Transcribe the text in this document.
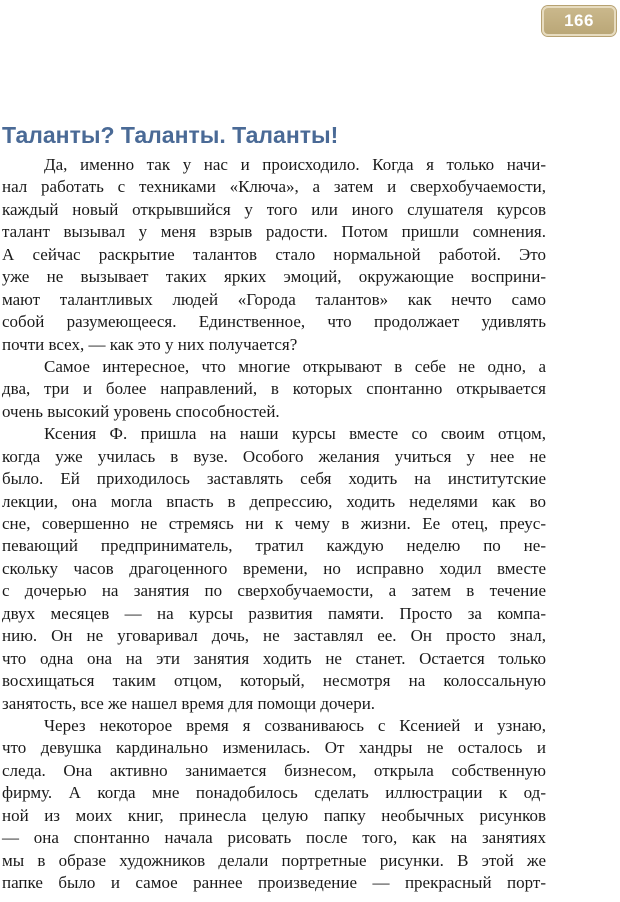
166
Таланты? Таланты. Таланты!

Да, именно так у нас и происходило. Когда я только начи-
нал работать с техниками «Ключа», а затем и сверхобучаемости,
каждый новый открывшийся у того или иного слушателя курсов
талант вызывал у меня взрыв радости. Потом пришли сомнения.
А сейчас раскрытие талантов стало нормальной работой. Это
уже не вызывает таких ярких эмоций, окружающие восприни-
мают талантливых людей «Города талантов» как нечто само
собой разумеющееся. Единственное, что продолжает удивлять
почти всех, — как это у них получается?

Самое интересное, что многие открывают в себе не одно, а
два, три и более направлений, в которых спонтанно открывается
очень высокий уровень способностей.

Ксения Ф. пришла на наши курсы вместе со своим отцом,
когда уже училась в вузе. Особого желания учиться у нее не
было. Ей приходилось заставлять себя ходить на институтские
лекции, она могла впасть в депрессию, ходить неделями как во
сне, совершенно не стремясь ни к чему в жизни. Ее отец, преус-
певающий предприниматель, тратил каждую неделю по не-
скольку часов драгоценного времени, но исправно ходил вместе
с дочерью на занятия по сверхобучаемости, а затем в течение
двух месяцев — на курсы развития памяти. Просто за компа-
нию. Он не уговаривал дочь, не заставлял ее. Он просто знал,
что одна она на эти занятия ходить не станет. Остается только
восхищаться таким отцом, который, несмотря на колоссальную
занятость, все же нашел время для помощи дочери.

Через некоторое время я созваниваюсь с Ксенией и узнаю,
что девушка кардинально изменилась. От хандры не осталось и
следа. Она активно занимается бизнесом, открыла собственную
фирму. А когда мне понадобилось сделать иллюстрации к од-
ной из моих книг, принесла целую папку необычных рисунков
— она спонтанно начала рисовать после того, как на занятиях
мы в образе художников делали портретные рисунки. В этой же
папке было и самое раннее произведение — прекрасный порт-
